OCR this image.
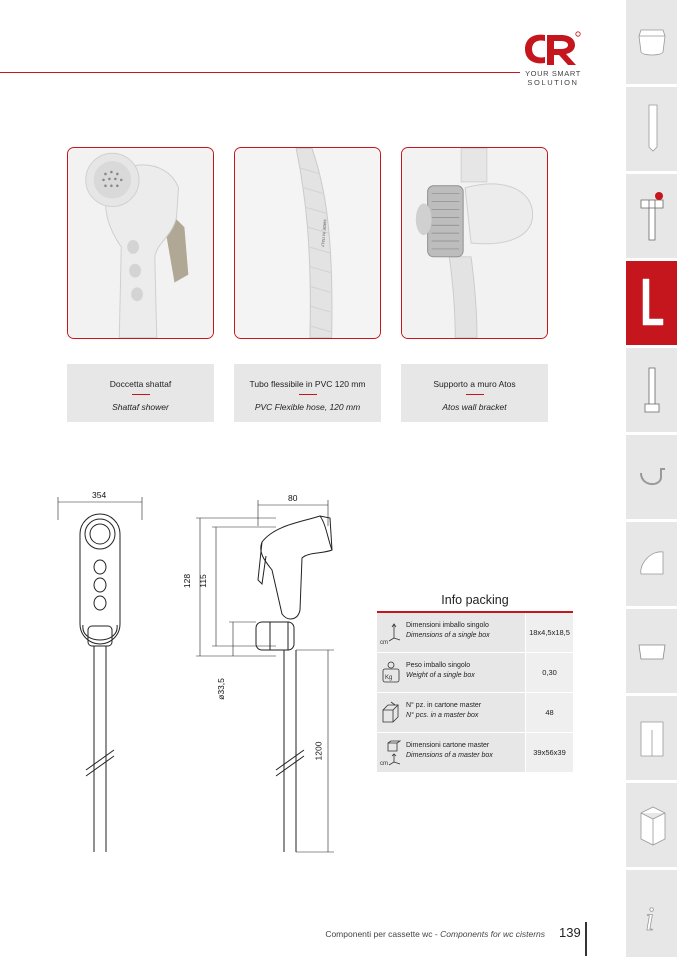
YOUR SMART
SOLUTION
MADE IN ITALY
Doccetta shattaf
Shattaf shower
Tubo flessibile in PVC 120 mm
PVC Flexible hose, 120 mm
Supporto a muro Atos
Atos wall bracket
354	80
128 115
ø33,5
1200
Info packing
cm
Dimensioni imballo singolo
Dimensions of a single box	18x4,5x18,5
Kg
Peso imballo singolo
Weight of a single box	0,30
N° pz. in cartone master
N° pcs. in a master box	48
cm
Dimensioni cartone master
Dimensions of a master box	39x56x39
i
Componenti per cassette wc - Components for wc cisterns 139
